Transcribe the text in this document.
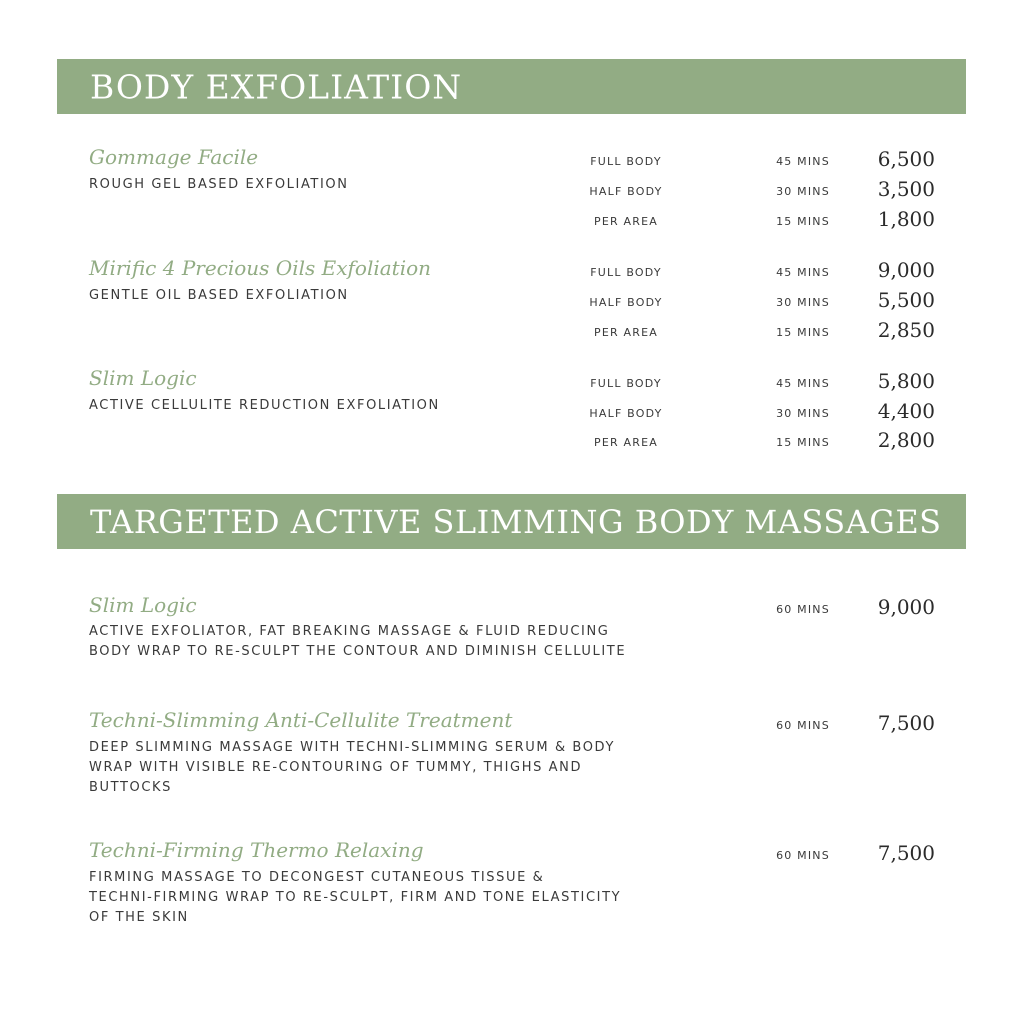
BODY EXFOLIATION
Gommage Facile
ROUGH GEL BASED EXFOLIATION
FULL BODY	45 MINS	6,500
HALF BODY	30 MINS	3,500
PER AREA	15 MINS	1,800
Mirific 4 Precious Oils Exfoliation
GENTLE OIL BASED EXFOLIATION
FULL BODY	45 MINS	9,000
HALF BODY	30 MINS	5,500
PER AREA	15 MINS	2,850
Slim Logic
ACTIVE CELLULITE REDUCTION EXFOLIATION
FULL BODY	45 MINS	5,800
HALF BODY	30 MINS	4,400
PER AREA	15 MINS	2,800
TARGETED ACTIVE SLIMMING BODY MASSAGES
Slim Logic
ACTIVE EXFOLIATOR, FAT BREAKING MASSAGE & FLUID REDUCING
BODY WRAP TO RE-SCULPT THE CONTOUR AND DIMINISH CELLULITE
60 MINS	9,000
Techni-Slimming Anti-Cellulite Treatment
DEEP SLIMMING MASSAGE WITH TECHNI-SLIMMING SERUM & BODY
WRAP WITH VISIBLE RE-CONTOURING OF TUMMY, THIGHS AND
BUTTOCKS
60 MINS	7,500
Techni-Firming Thermo Relaxing
FIRMING MASSAGE TO DECONGEST CUTANEOUS TISSUE &
TECHNI-FIRMING WRAP TO RE-SCULPT, FIRM AND TONE ELASTICITY
OF THE SKIN
60 MINS	7,500
